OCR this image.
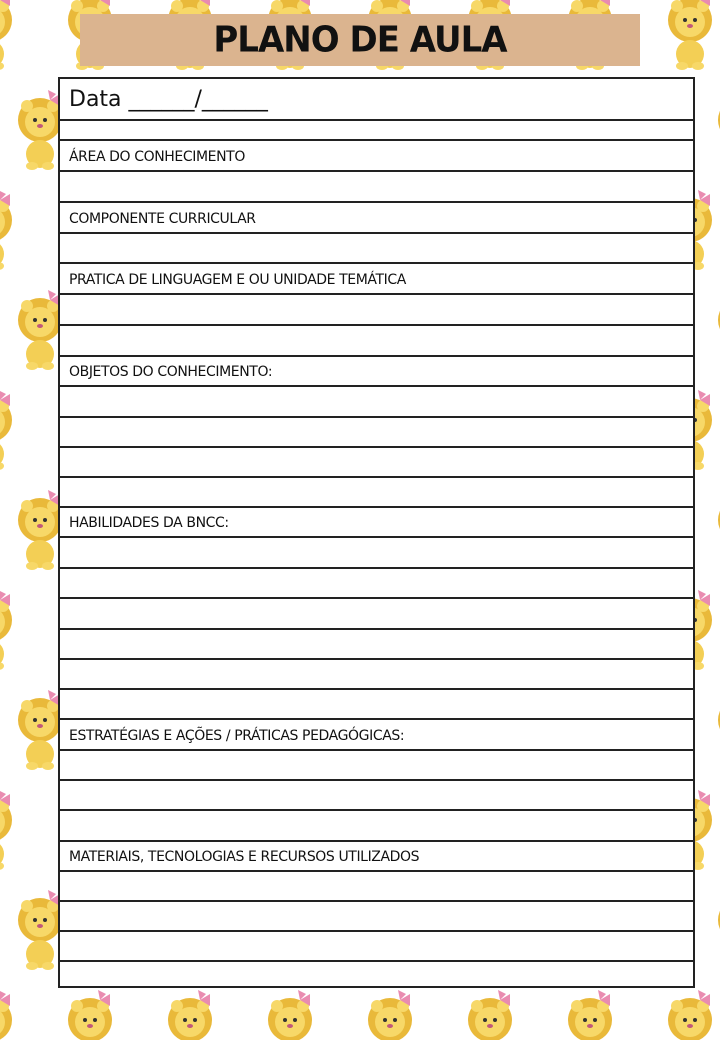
PLANO DE AULA
Data ______/______
ÁREA DO CONHECIMENTO
COMPONENTE CURRICULAR
PRATICA DE LINGUAGEM E OU UNIDADE TEMÁTICA
OBJETOS DO CONHECIMENTO:
HABILIDADES DA BNCC:
ESTRATÉGIAS E AÇÕES / PRÁTICAS PEDAGÓGICAS:
MATERIAIS, TECNOLOGIAS E RECURSOS UTILIZADOS
